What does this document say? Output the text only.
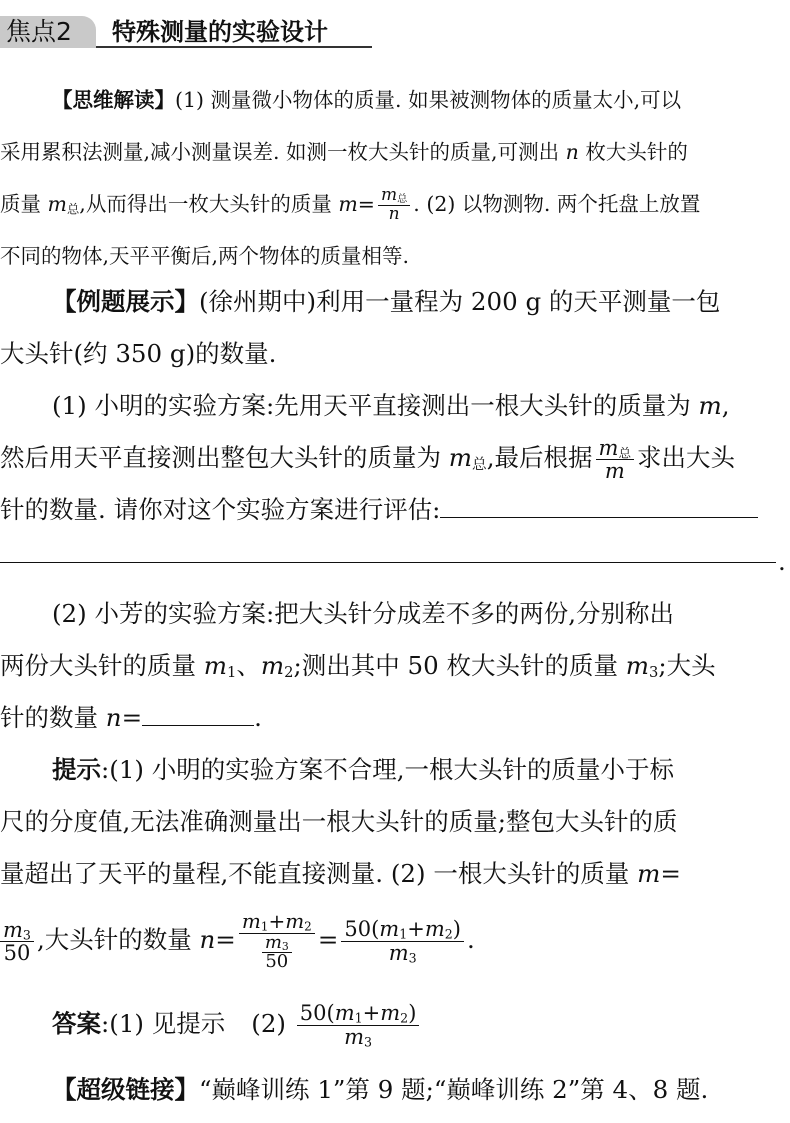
焦点2	特殊测量的实验设计
【思维解读】(1) 测量微小物体的质量. 如果被测物体的质量太小,可以
采用累积法测量,减小测量误差. 如测一枚大头针的质量,可测出 n 枚大头针的
质量 $m_总$,从而得出一枚大头针的质量 $m= \frac{m_总}{n}$ . (2) 以物测物. 两个托盘上放置
不同的物体,天平平衡后,两个物体的质量相等.
【例题展示】(徐州期中)利用一量程为 200 g 的天平测量一包
大头针(约 350 g)的数量.
(1) 小明的实验方案:先用天平直接测出一根大头针的质量为 m,
然后用天平直接测出整包大头针的质量为 $m_总$,最后根据 $\frac{m_总}{m}$ 求出大头
针的数量. 请你对这个实验方案进行评估:
.
(2) 小芳的实验方案:把大头针分成差不多的两份,分别称出
两份大头针的质量 $m_1$、$m_2$;测出其中 50 枚大头针的质量 $m_3$;大头
针的数量 n=	.
提示:(1) 小明的实验方案不合理,一根大头针的质量小于标
尺的分度值,无法准确测量出一根大头针的质量;整包大头针的质
量超出了天平的量程,不能直接测量. (2) 一根大头针的质量 m=
$\frac{m_3}{50}$ ,大头针的数量 $n= \frac{m_1+m_2}{\frac{m_3}{50}} = \frac{50(m_1+m_2)}{m_3}$ .
答案:(1) 见提示 $(2) \frac{50(m_1+m_2)}{m_3}$
【超级链接】“巅峰训练 1”第 9 题;“巅峰训练 2”第 4、8 题.
